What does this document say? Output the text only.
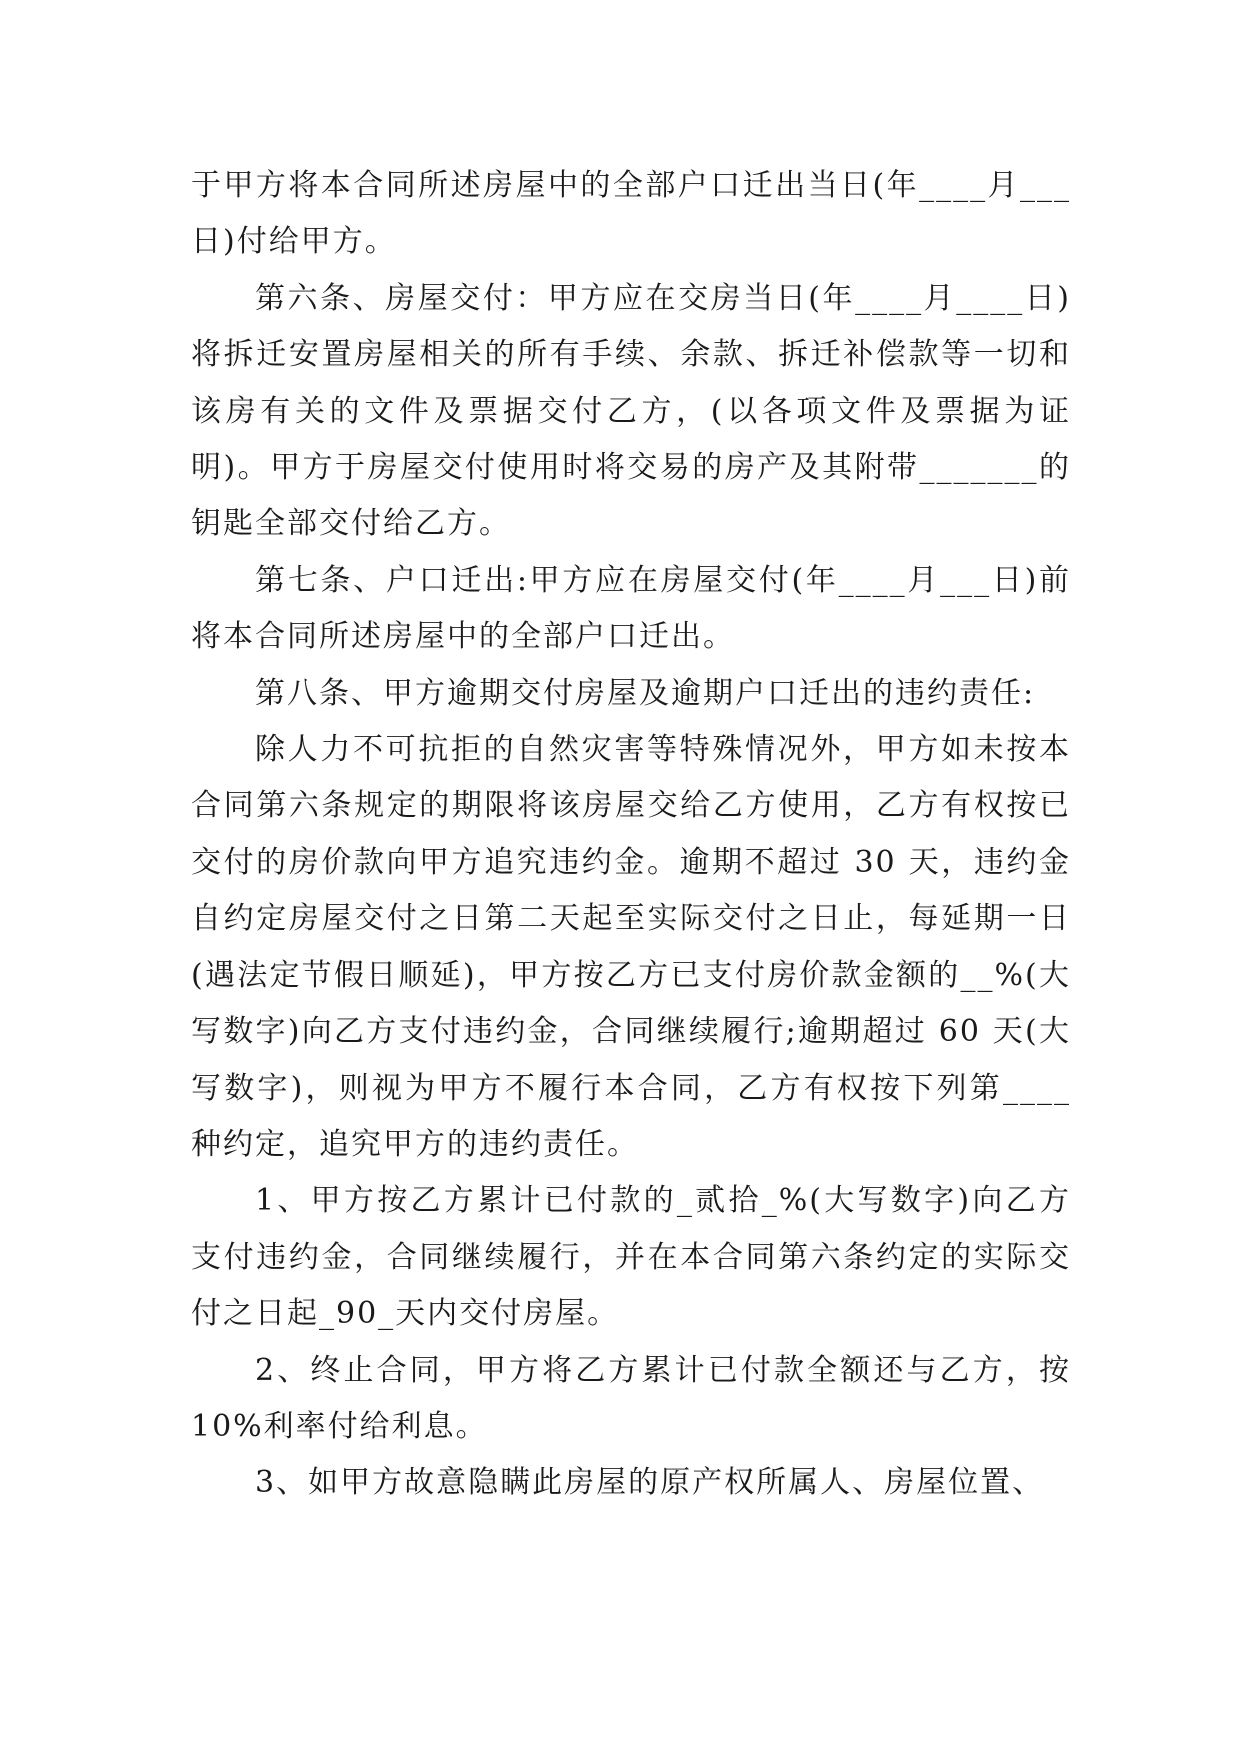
于甲方将本合同所述房屋中的全部户口迁出当日(年____月___日)付给甲方。

第六条、房屋交付：甲方应在交房当日(年____月____日)将拆迁安置房屋相关的所有手续、余款、拆迁补偿款等一切和该房有关的文件及票据交付乙方，(以各项文件及票据为证明)。甲方于房屋交付使用时将交易的房产及其附带_______的钥匙全部交付给乙方。

第七条、户口迁出:甲方应在房屋交付(年____月___日)前将本合同所述房屋中的全部户口迁出。

第八条、甲方逾期交付房屋及逾期户口迁出的违约责任:

除人力不可抗拒的自然灾害等特殊情况外，甲方如未按本合同第六条规定的期限将该房屋交给乙方使用，乙方有权按已交付的房价款向甲方追究违约金。逾期不超过 30 天，违约金自约定房屋交付之日第二天起至实际交付之日止，每延期一日(遇法定节假日顺延)，甲方按乙方已支付房价款金额的__%(大写数字)向乙方支付违约金，合同继续履行;逾期超过 60 天(大写数字)，则视为甲方不履行本合同，乙方有权按下列第____种约定，追究甲方的违约责任。

1、甲方按乙方累计已付款的_贰拾_%(大写数字)向乙方支付违约金，合同继续履行，并在本合同第六条约定的实际交付之日起_90_天内交付房屋。

2、终止合同，甲方将乙方累计已付款全额还与乙方，按 10%利率付给利息。

3、如甲方故意隐瞒此房屋的原产权所属人、房屋位置、
